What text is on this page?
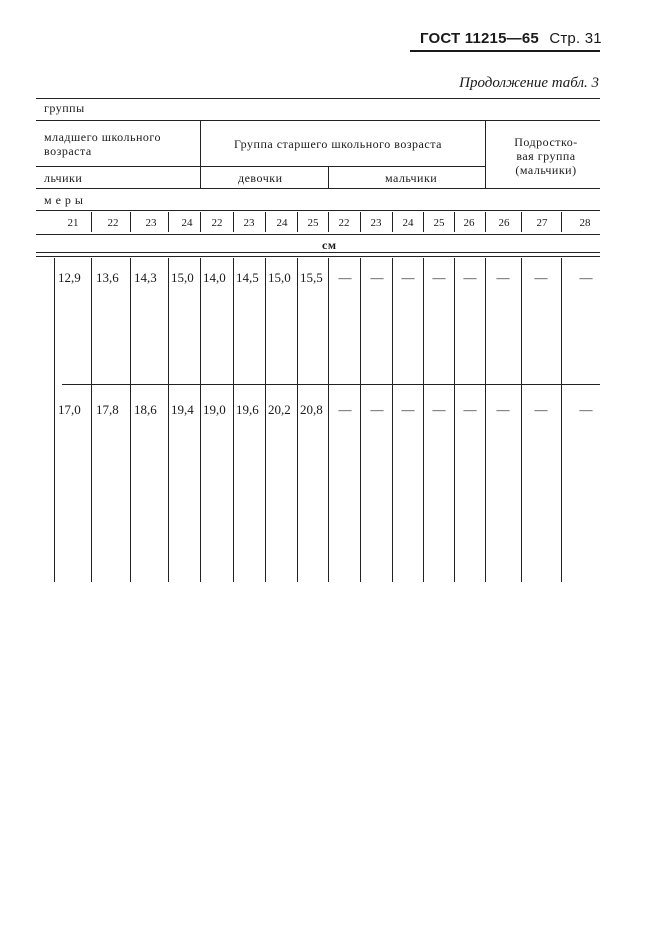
ГОСТ 11215—65 Стр. 31
Продолжение табл. 3
группы
младшего школьного
возраста	Группа старшего школьного возраста	Подростко-
вая группа
(мальчики)
льчики	девочки	мальчики
м е р ы
21	22	23	24	22	23	24	25	22	23	24	25	26	26	27	28
см
12,9 13,6 14,3 15,0 14,0 14,5 15,0 15,5	—	—	—	—	—	—	—	—
17,0 17,8 18,6 19,4 19,0 19,6 20,2 20,8	—	—	—	—	—	—	—	—
